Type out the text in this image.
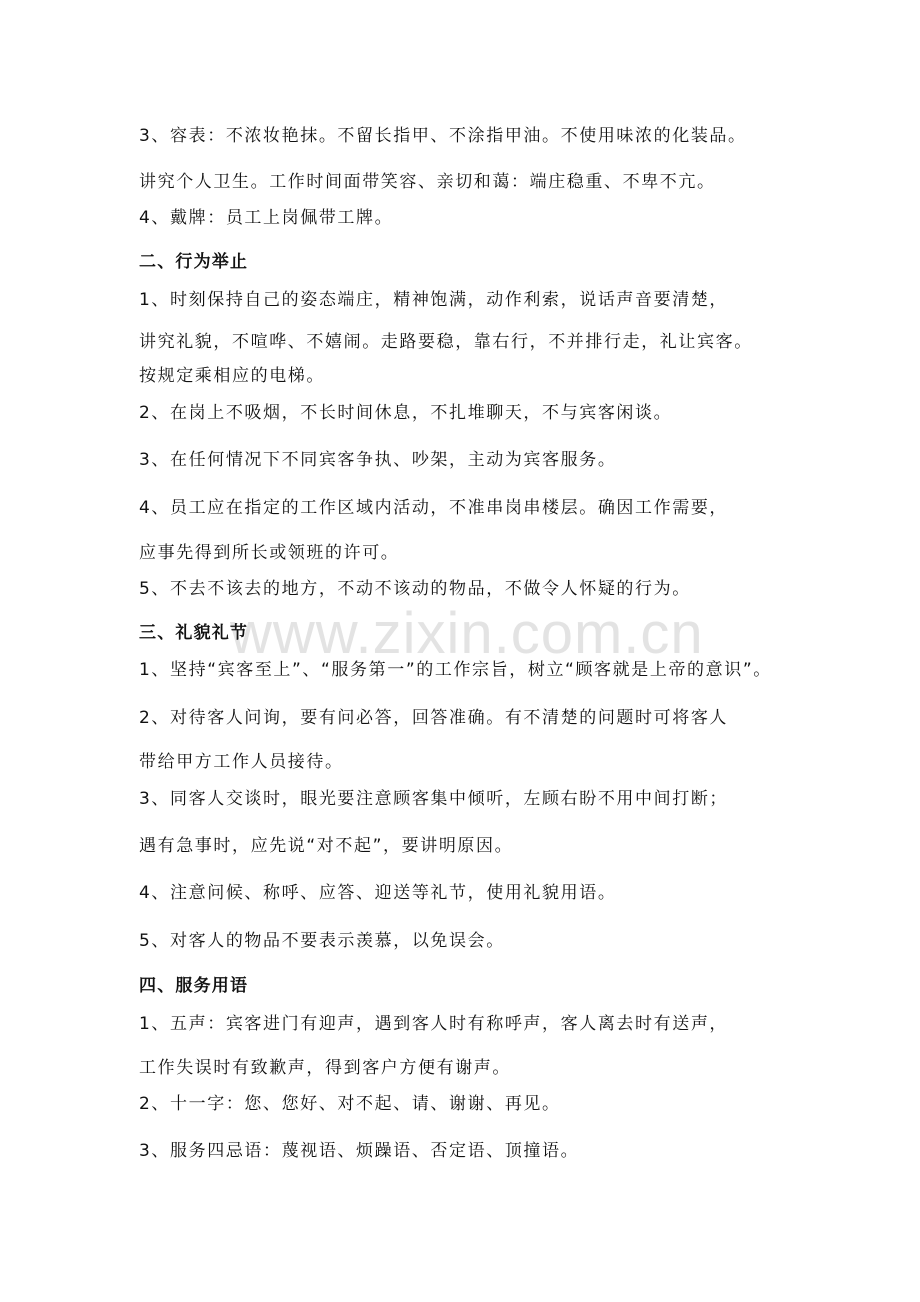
www.zixin.com.cn
3、容表：不浓妆艳抹。不留长指甲、不涂指甲油。不使用味浓的化装品。
讲究个人卫生。工作时间面带笑容、亲切和蔼：端庄稳重、不卑不亢。
4、戴牌：员工上岗佩带工牌。
二、行为举止
1、时刻保持自己的姿态端庄，精神饱满，动作利索，说话声音要清楚，
讲究礼貌，不喧哗、不嬉闹。走路要稳，靠右行，不并排行走，礼让宾客。
按规定乘相应的电梯。
2、在岗上不吸烟，不长时间休息，不扎堆聊天，不与宾客闲谈。
3、在任何情况下不同宾客争执、吵架，主动为宾客服务。
4、员工应在指定的工作区域内活动，不准串岗串楼层。确因工作需要，
应事先得到所长或领班的许可。
5、不去不该去的地方，不动不该动的物品，不做令人怀疑的行为。
三、礼貌礼节
1、坚持“宾客至上”、“服务第一”的工作宗旨，树立“顾客就是上帝的意识”。
2、对待客人问询，要有问必答，回答准确。有不清楚的问题时可将客人
带给甲方工作人员接待。
3、同客人交谈时，眼光要注意顾客集中倾听，左顾右盼不用中间打断；
遇有急事时，应先说“对不起”，要讲明原因。
4、注意问候、称呼、应答、迎送等礼节，使用礼貌用语。
5、对客人的物品不要表示羡慕，以免误会。
四、服务用语
1、五声：宾客进门有迎声，遇到客人时有称呼声，客人离去时有送声，
工作失误时有致歉声，得到客户方便有谢声。
2、十一字：您、您好、对不起、请、谢谢、再见。
3、服务四忌语：蔑视语、烦躁语、否定语、顶撞语。
